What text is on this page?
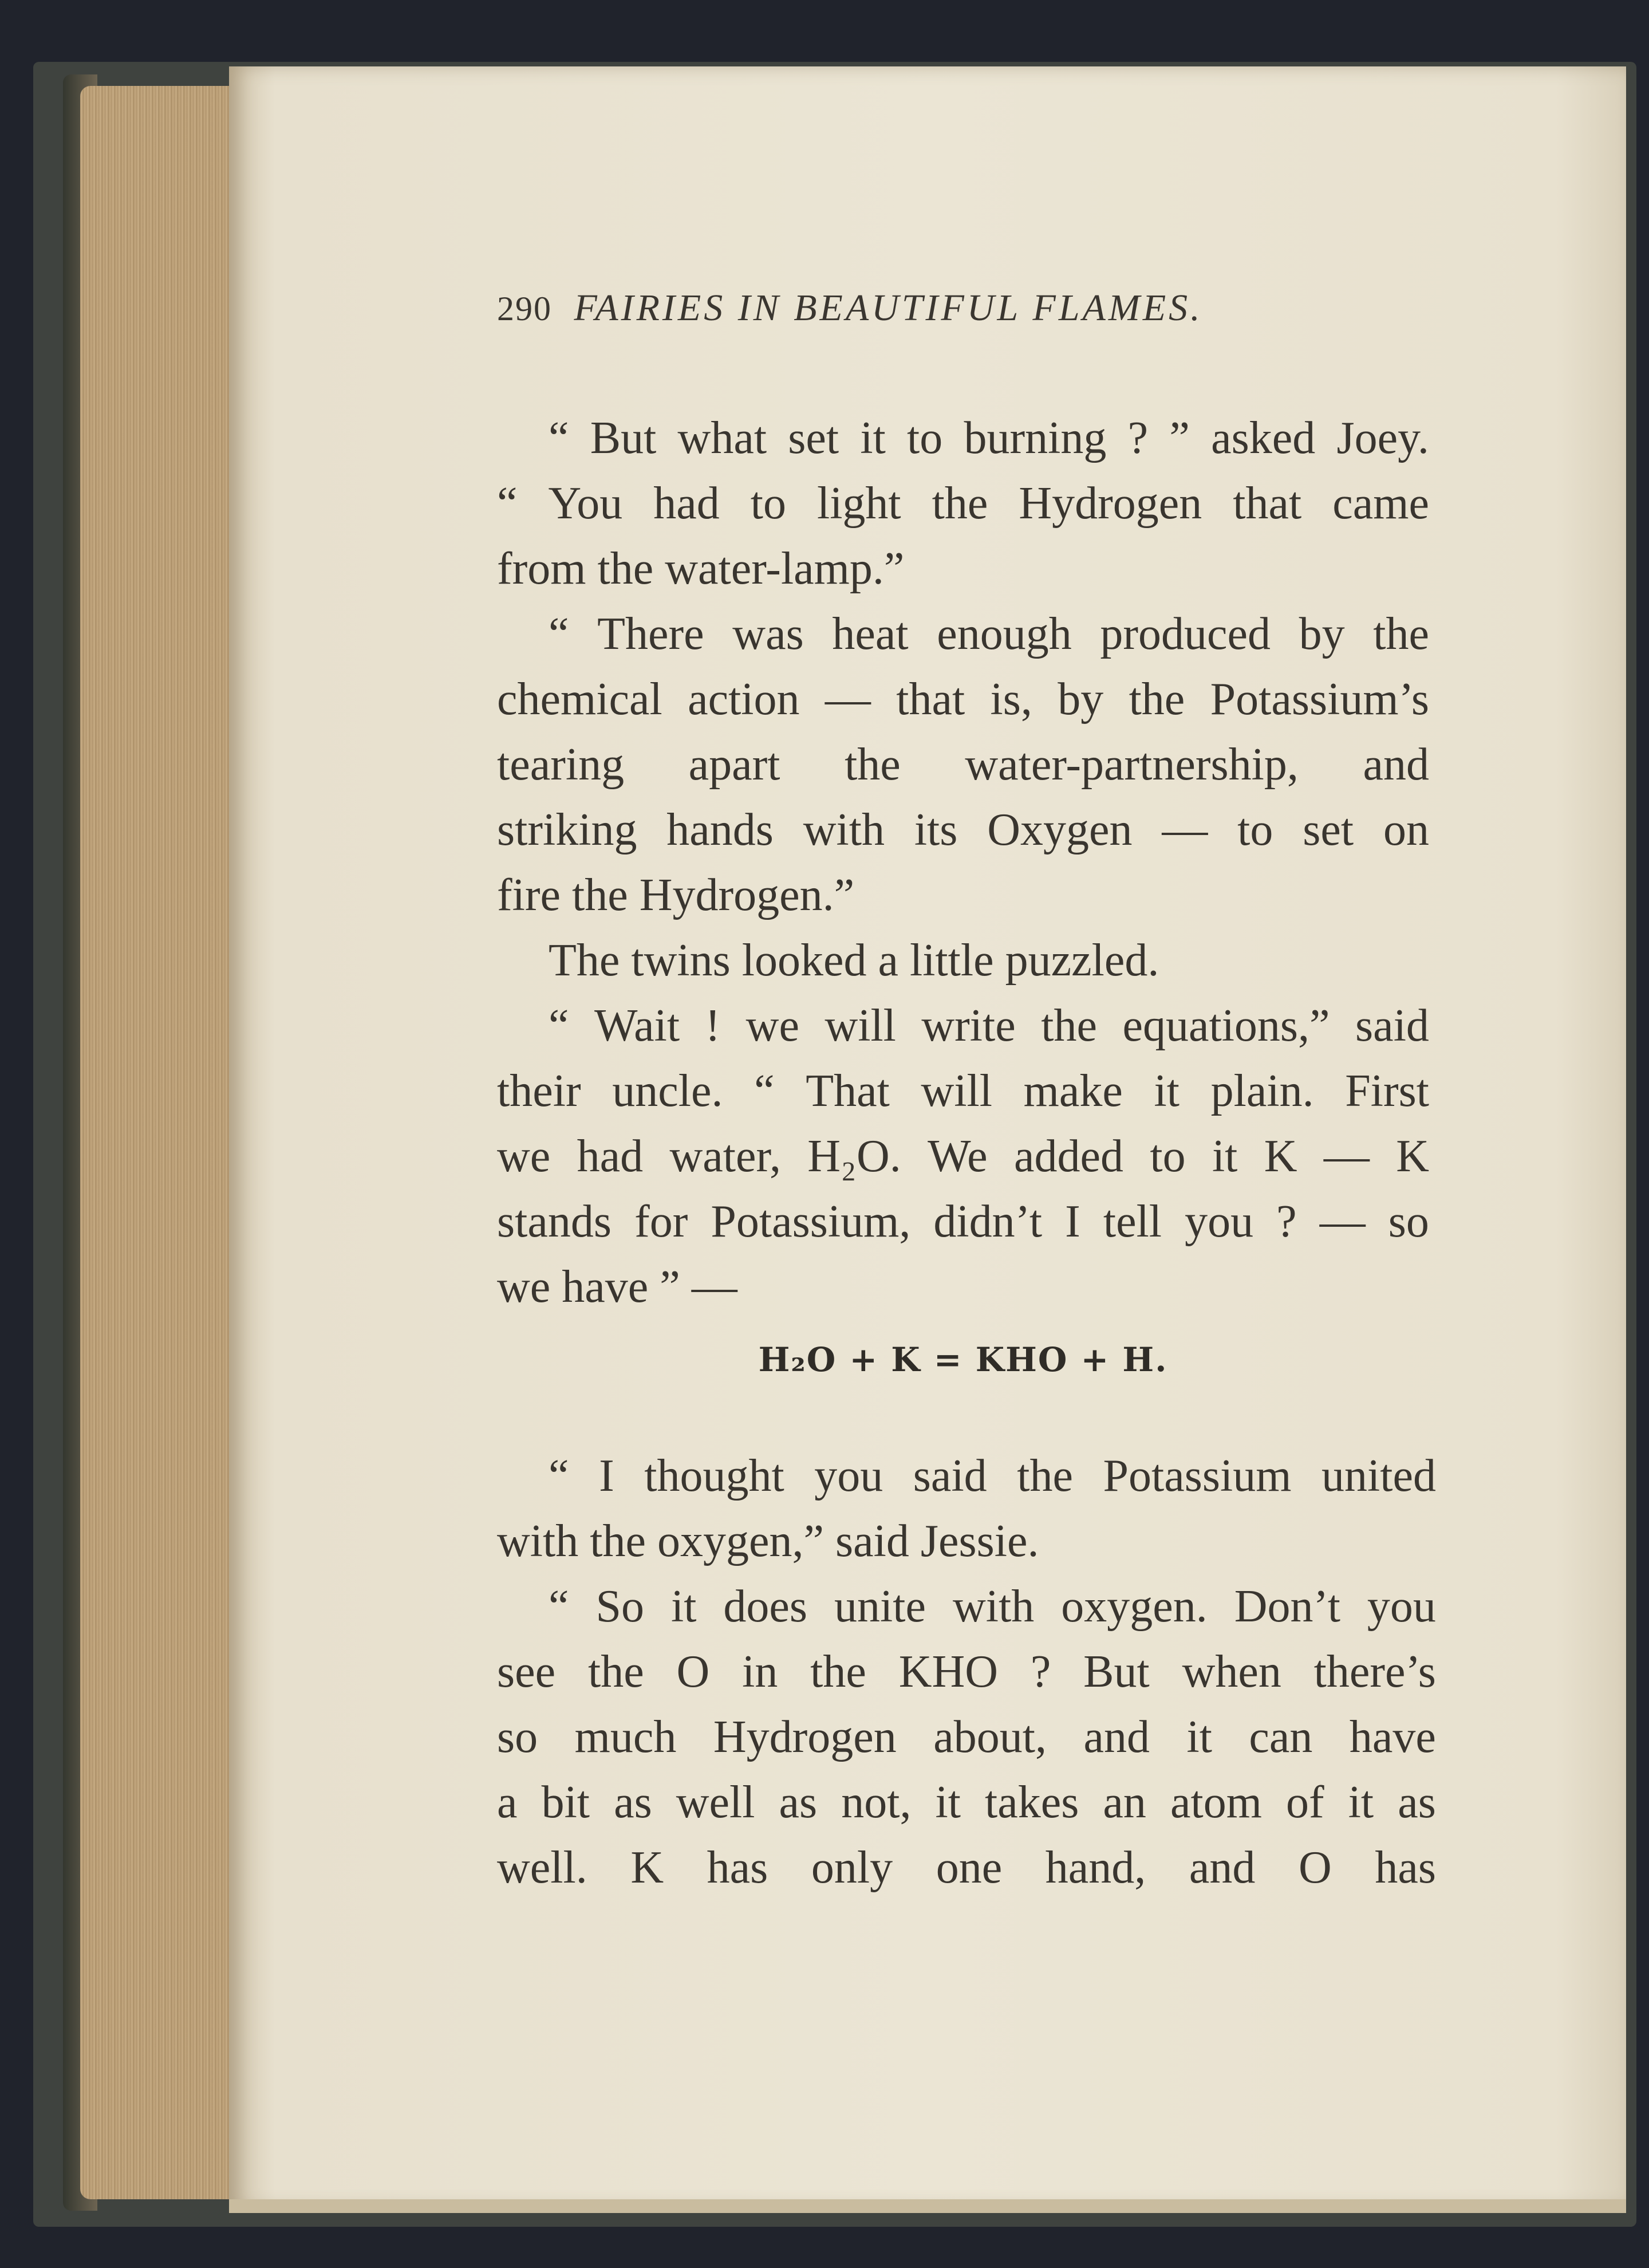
290 FAIRIES IN BEAUTIFUL FLAMES.
“ But what set it to burning ? ” asked Joey.
“ You had to light the Hydrogen that came
from the water-lamp.”
“ There was heat enough produced by the
chemical action — that is, by the Potassium’s
tearing apart the water-partnership, and
striking hands with its Oxygen — to set on
fire the Hydrogen.”
The twins looked a little puzzled.
“ Wait ! we will write the equations,” said
their uncle. “ That will make it plain. First
we had water, H₂O. We added to it K — K
stands for Potassium, didn’t I tell you ? — so
we have ” —
H₂O + K = KHO + H.
“ I thought you said the Potassium united
with the oxygen,” said Jessie.
“ So it does unite with oxygen. Don’t you
see the O in the KHO ? But when there’s
so much Hydrogen about, and it can have
a bit as well as not, it takes an atom of it as
well. K has only one hand, and O has
